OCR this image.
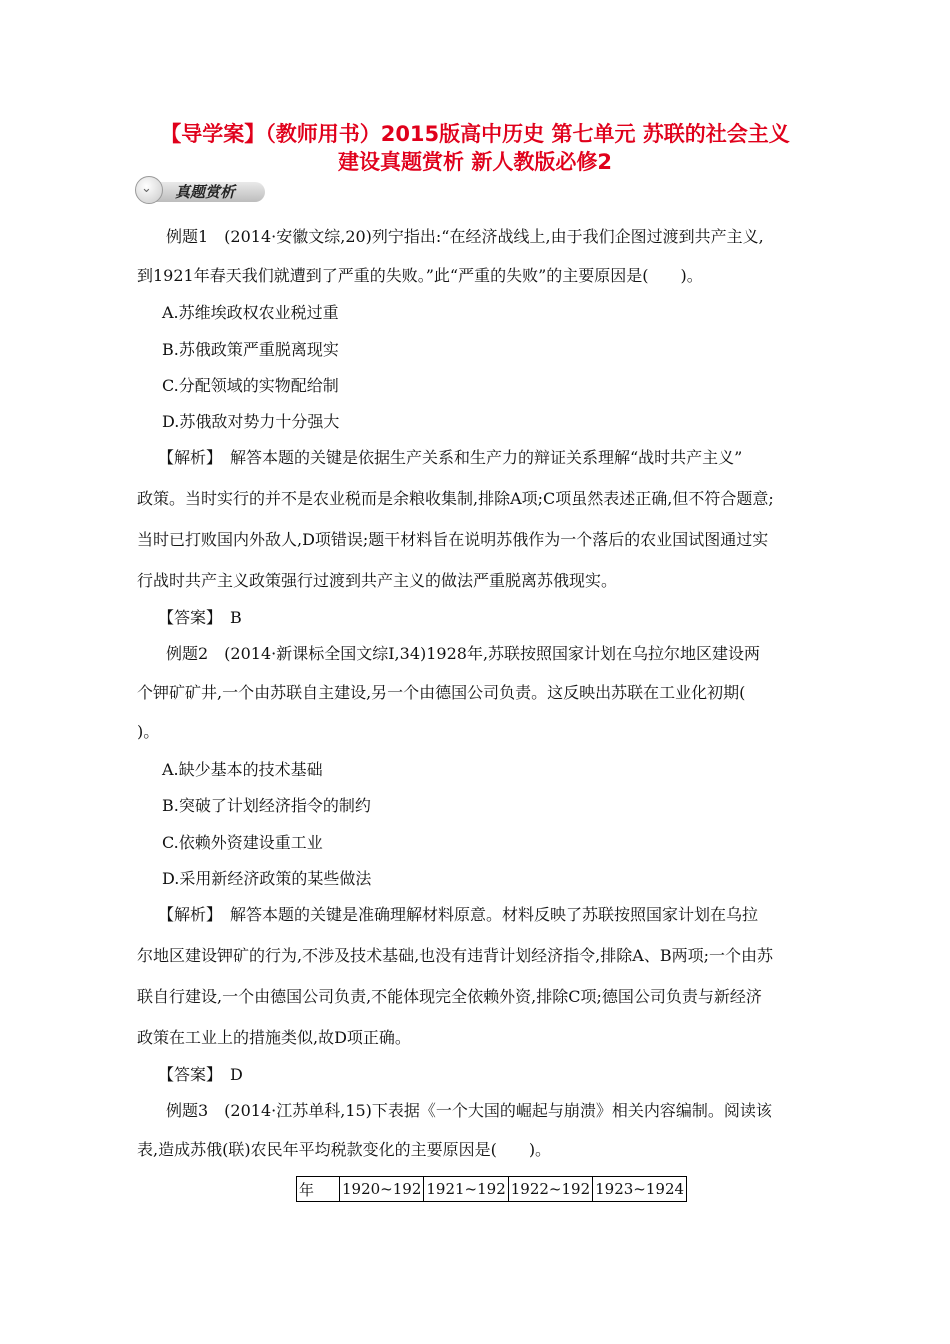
【导学案】（教师用书）2015版高中历史 第七单元 苏联的社会主义
建设真题赏析 新人教版必修2
⌄ 真题赏析
例题1　(2014·安徽文综,20)列宁指出:“在经济战线上,由于我们企图过渡到共产主义,
到1921年春天我们就遭到了严重的失败。”此“严重的失败”的主要原因是(　　)。
A.苏维埃政权农业税过重
B.苏俄政策严重脱离现实
C.分配领域的实物配给制
D.苏俄敌对势力十分强大
【解析】　解答本题的关键是依据生产关系和生产力的辩证关系理解“战时共产主义”
政策。当时实行的并不是农业税而是余粮收集制,排除A项;C项虽然表述正确,但不符合题意;
当时已打败国内外敌人,D项错误;题干材料旨在说明苏俄作为一个落后的农业国试图通过实
行战时共产主义政策强行过渡到共产主义的做法严重脱离苏俄现实。
【答案】　B
例题2　(2014·新课标全国文综Ⅰ,34)1928年,苏联按照国家计划在乌拉尔地区建设两
个钾矿矿井,一个由苏联自主建设,另一个由德国公司负责。这反映出苏联在工业化初期(
)。
A.缺少基本的技术基础
B.突破了计划经济指令的制约
C.依赖外资建设重工业
D.采用新经济政策的某些做法
【解析】　解答本题的关键是准确理解材料原意。材料反映了苏联按照国家计划在乌拉
尔地区建设钾矿的行为,不涉及技术基础,也没有违背计划经济指令,排除A、B两项;一个由苏
联自行建设,一个由德国公司负责,不能体现完全依赖外资,排除C项;德国公司负责与新经济
政策在工业上的措施类似,故D项正确。
【答案】　D
例题3　(2014·江苏单科,15)下表据《一个大国的崛起与崩溃》相关内容编制。阅读该
表,造成苏俄(联)农民年平均税款变化的主要原因是(　　)。
年	1920~192	1921~192	1922~192	1923~1924
